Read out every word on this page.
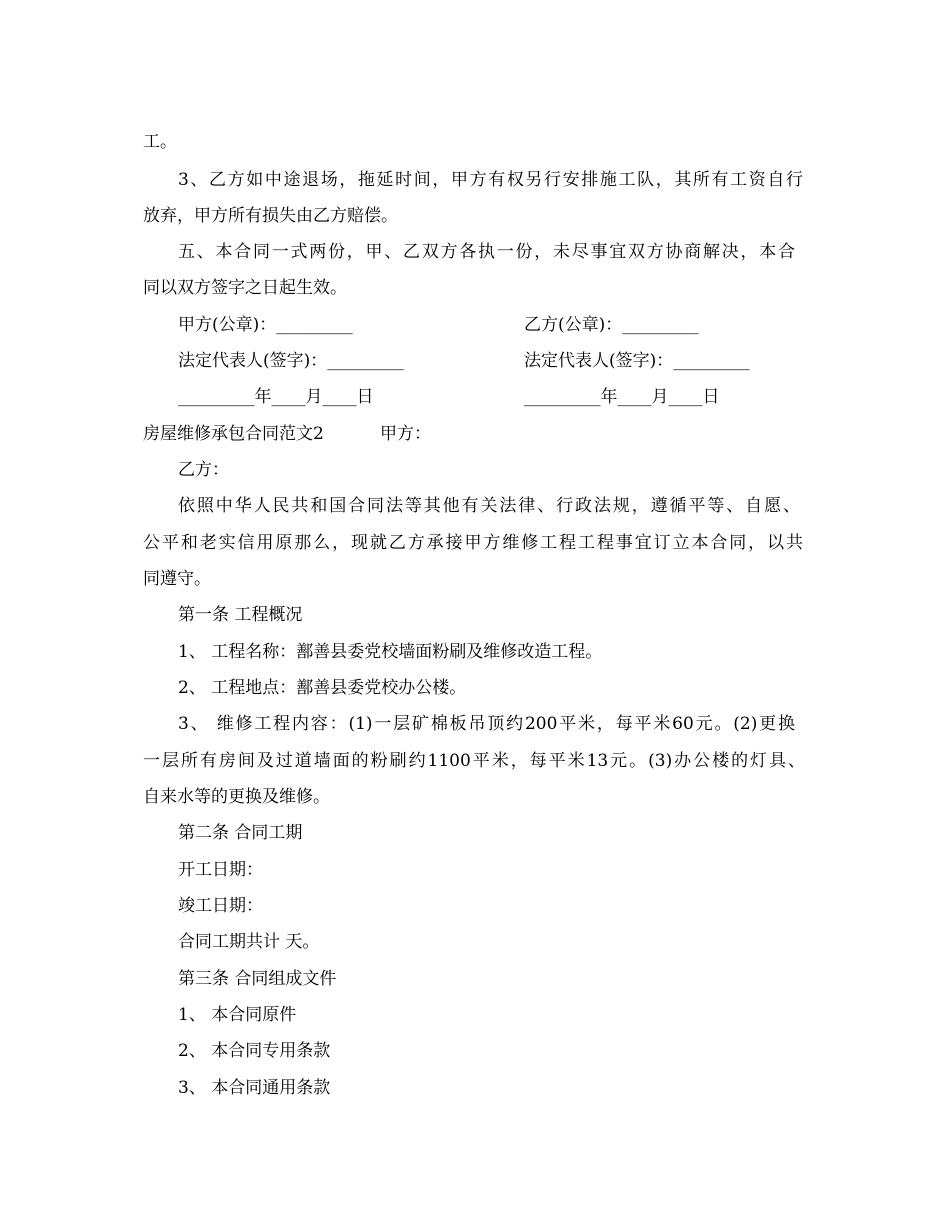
工。
3、乙方如中途退场，拖延时间，甲方有权另行安排施工队，其所有工资自行
放弃，甲方所有损失由乙方赔偿。
五、本合同一式两份，甲、乙双方各执一份，未尽事宜双方协商解决，本合
同以双方签字之日起生效。
甲方(公章)：_________	乙方(公章)：_________
法定代表人(签字)：_________	法定代表人(签字)：_________
_________年____月____日	_________年____月____日
房屋维修承包合同范文2	甲方：
乙方：
依照中华人民共和国合同法等其他有关法律、行政法规，遵循平等、自愿、
公平和老实信用原那么，现就乙方承接甲方维修工程工程事宜订立本合同，以共
同遵守。
第一条 工程概况
1、 工程名称：鄯善县委党校墙面粉刷及维修改造工程。
2、 工程地点：鄯善县委党校办公楼。
3、 维修工程内容：(1)一层矿棉板吊顶约200平米，每平米60元。(2)更换
一层所有房间及过道墙面的粉刷约1100平米，每平米13元。(3)办公楼的灯具、
自来水等的更换及维修。
第二条 合同工期
开工日期：
竣工日期：
合同工期共计 天。
第三条 合同组成文件
1、 本合同原件
2、 本合同专用条款
3、 本合同通用条款
